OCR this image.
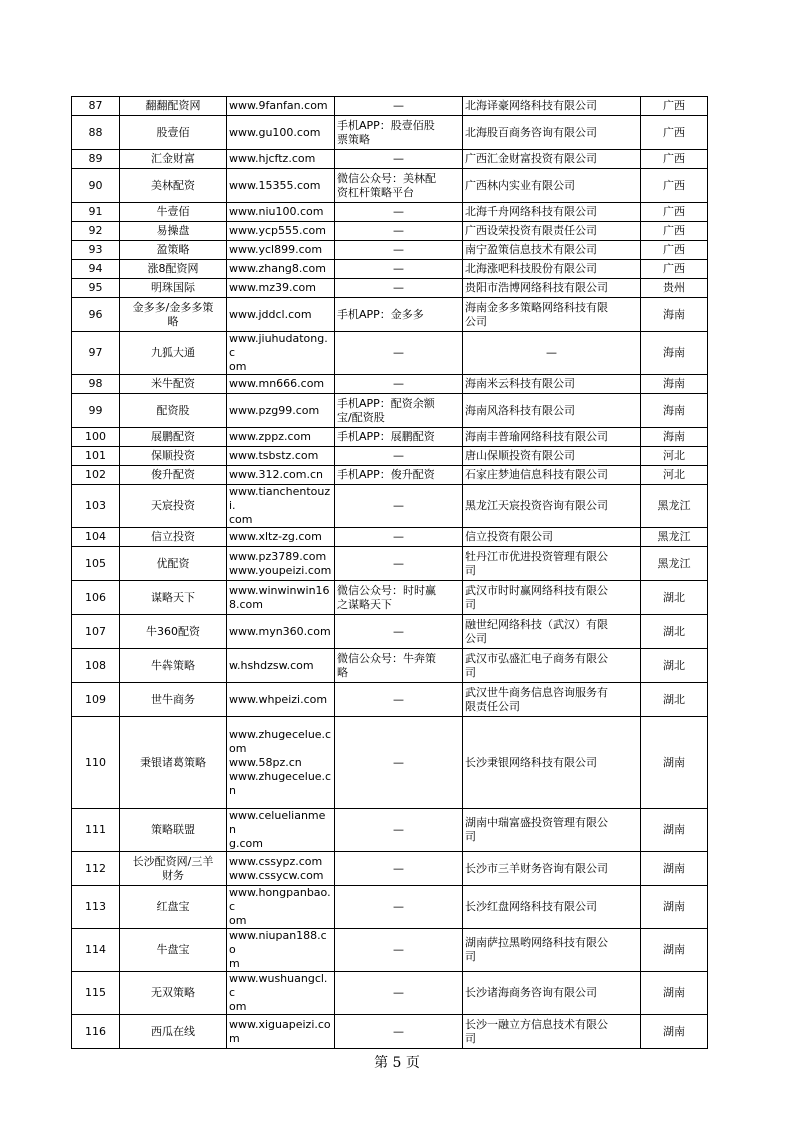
87	翻翻配资网	www.9fanfan.com	—	北海译豪网络科技有限公司	广西
88	股壹佰	www.gu100.com	手机APP：股壹佰股
票策略	北海股百商务咨询有限公司	广西
89	汇金财富	www.hjcftz.com	—	广西汇金财富投资有限公司	广西
90	美林配资	www.15355.com	微信公众号：美林配
资杠杆策略平台	广西林内实业有限公司	广西
91	牛壹佰	www.niu100.com	—	北海千舟网络科技有限公司	广西
92	易操盘	www.ycp555.com	—	广西设荣投资有限责任公司	广西
93	盈策略	www.ycl899.com	—	南宁盈策信息技术有限公司	广西
94	涨8配资网	www.zhang8.com	—	北海涨吧科技股份有限公司	广西
95	明珠国际	www.mz39.com	—	贵阳市浩博网络科技有限公司	贵州
96	金多多/金多多策
略	www.jddcl.com	手机APP：金多多	海南金多多策略网络科技有限
公司	海南
97	九狐大通	www.jiuhudatong.c
om	—	—	海南
98	米牛配资	www.mn666.com	—	海南米云科技有限公司	海南
99	配资股	www.pzg99.com	手机APP：配资余额
宝/配资股	海南风洛科技有限公司	海南
100	展鹏配资	www.zppz.com	手机APP：展鹏配资	海南丰普瑜网络科技有限公司	海南
101	保顺投资	www.tsbstz.com	—	唐山保顺投资有限公司	河北
102	俊升配资	www.312.com.cn	手机APP：俊升配资	石家庄梦迪信息科技有限公司	河北
103	天宸投资	www.tianchentouzi.
com	—	黑龙江天宸投资咨询有限公司	黑龙江
104	信立投资	www.xltz-zg.com	—	信立投资有限公司	黑龙江
105	优配资	www.pz3789.com
www.youpeizi.com	—	牡丹江市优进投资管理有限公
司	黑龙江
106	谋略天下	www.winwinwin16
8.com	微信公众号：时时赢
之谋略天下	武汉市时时赢网络科技有限公
司	湖北
107	牛360配资	www.myn360.com	—	融世纪网络科技（武汉）有限
公司	湖北
108	牛犇策略	w.hshdzsw.com	微信公众号：牛奔策
略	武汉市弘盛汇电子商务有限公
司	湖北
109	世牛商务	www.whpeizi.com	—	武汉世牛商务信息咨询服务有
限责任公司	湖北
110	秉银诸葛策略	www.zhugecelue.c
om
www.58pz.cn
www.zhugecelue.c
n	—	长沙秉银网络科技有限公司	湖南
111	策略联盟	www.celuelianmen
g.com	—	湖南中瑞富盛投资管理有限公
司	湖南
112	长沙配资网/三羊
财务	www.cssypz.com
www.cssycw.com	—	长沙市三羊财务咨询有限公司	湖南
113	红盘宝	www.hongpanbao.c
om	—	长沙红盘网络科技有限公司	湖南
114	牛盘宝	www.niupan188.co
m	—	湖南萨拉黑哟网络科技有限公
司	湖南
115	无双策略	www.wushuangcl.c
om	—	长沙诸海商务咨询有限公司	湖南
116	西瓜在线	www.xiguapeizi.co
m	—	长沙一融立方信息技术有限公
司	湖南
第 5 页
